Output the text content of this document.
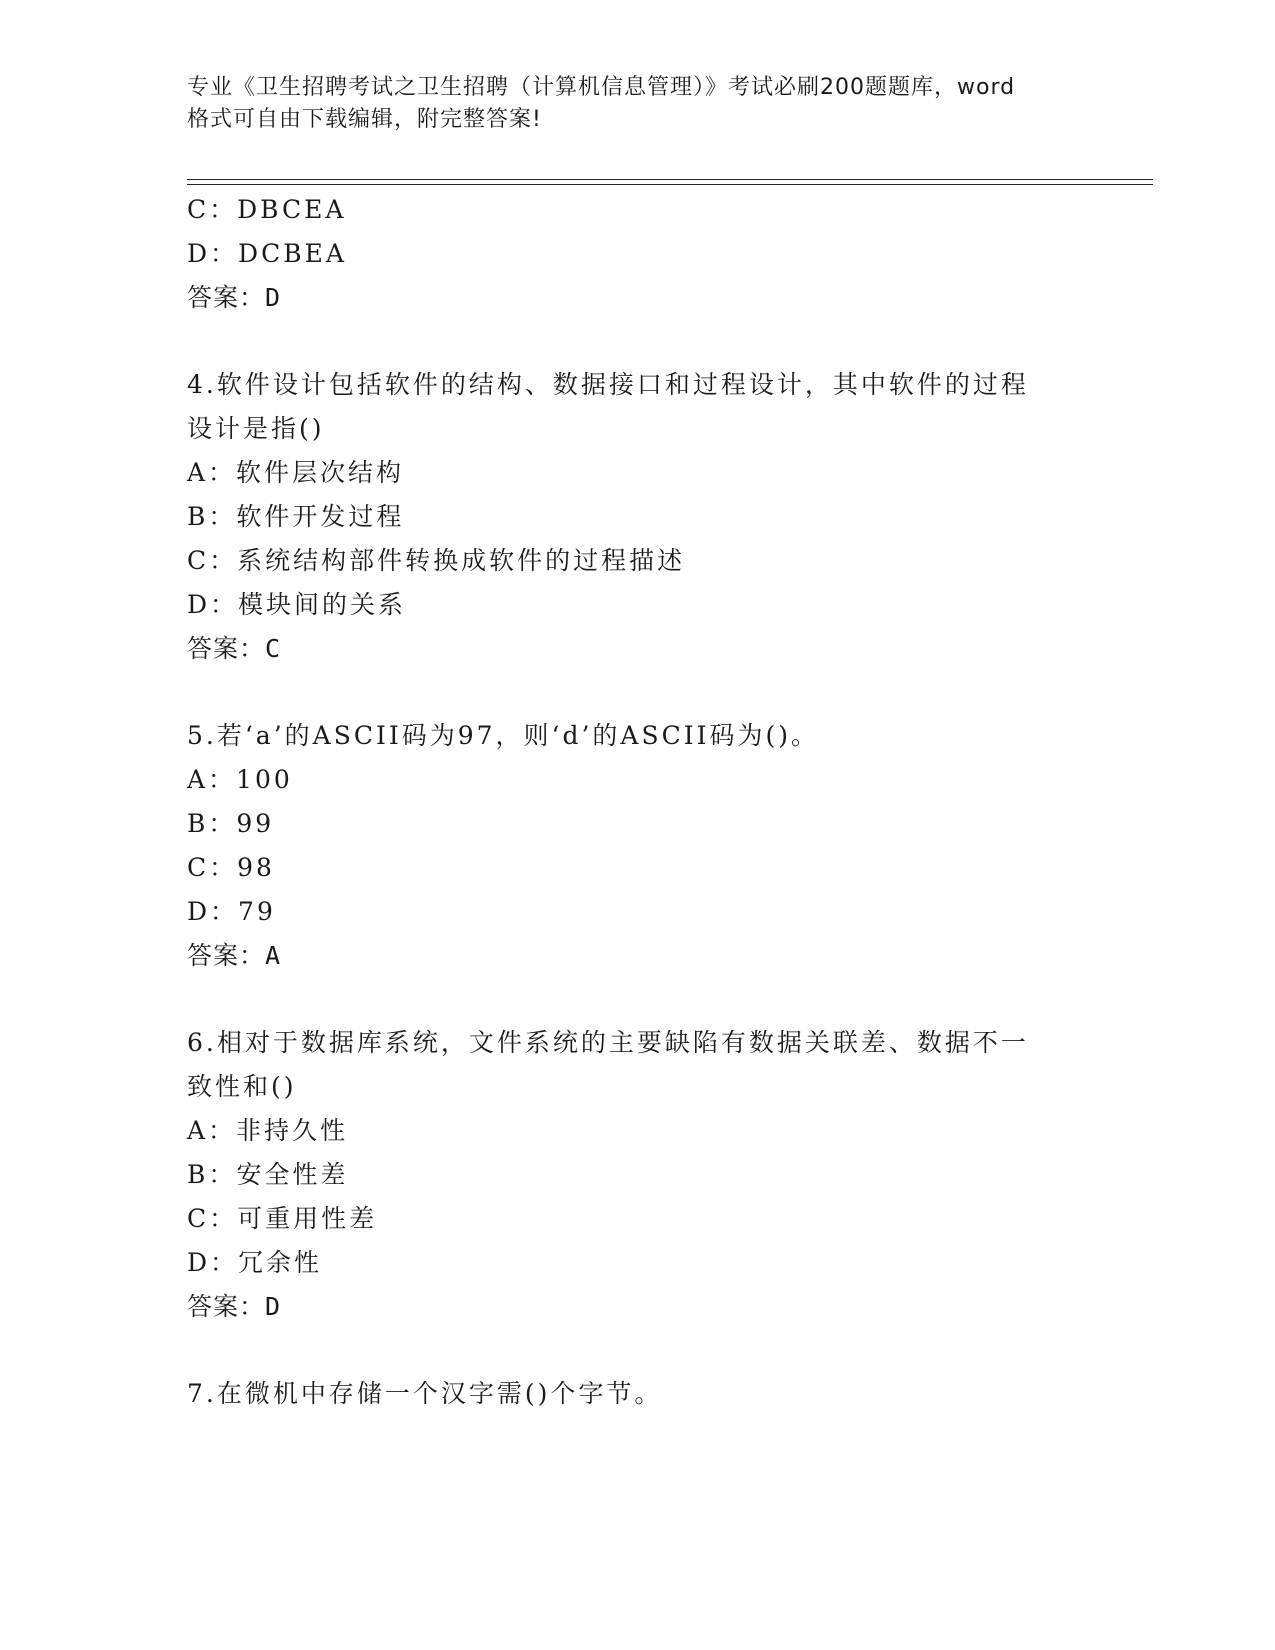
专业《卫生招聘考试之卫生招聘（计算机信息管理）》考试必刷200题题库，word
格式可自由下载编辑，附完整答案!
C：DBCEA
D：DCBEA
答案：D
4.软件设计包括软件的结构、数据接口和过程设计，其中软件的过程
设计是指()
A：软件层次结构
B：软件开发过程
C：系统结构部件转换成软件的过程描述
D：模块间的关系
答案：C
5.若‘a’的ASCII码为97，则‘d’的ASCII码为()。
A：100
B：99
C：98
D：79
答案：A
6.相对于数据库系统，文件系统的主要缺陷有数据关联差、数据不一
致性和()
A：非持久性
B：安全性差
C：可重用性差
D：冗余性
答案：D
7.在微机中存储一个汉字需()个字节。
